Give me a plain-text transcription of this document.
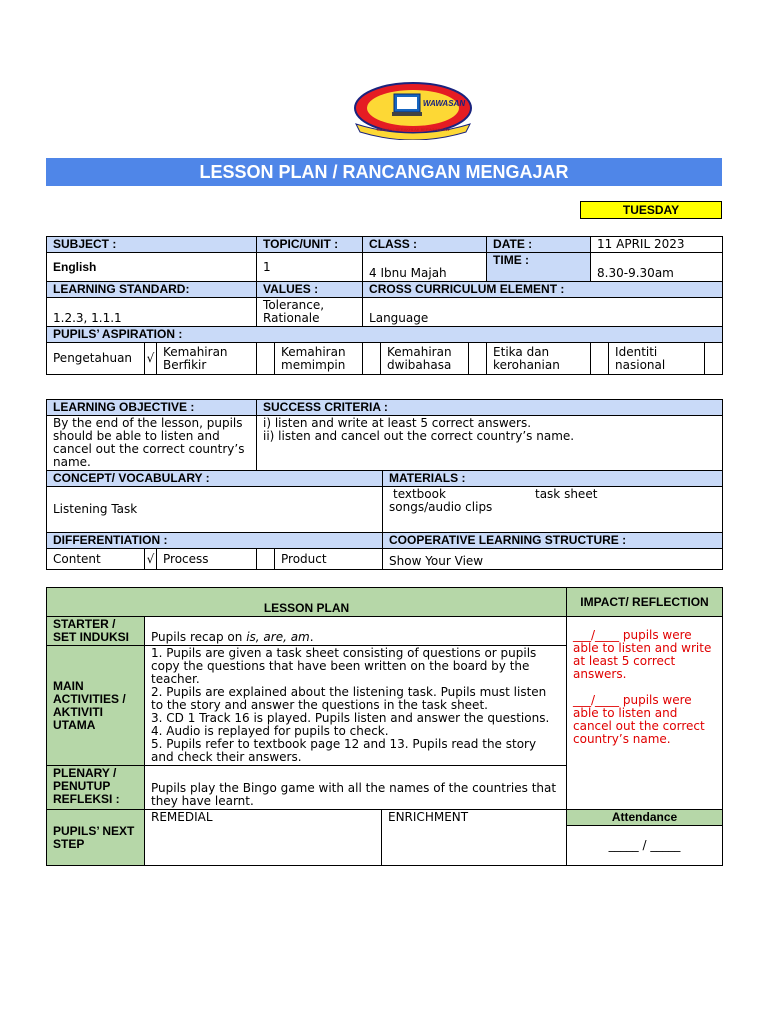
WAWASAN
BERILMU BERAKHLAK BERWAWASAN
LESSON PLAN / RANCANGAN MENGAJAR
TUESDAY
SUBJECT :			TOPIC/UNIT :		CLASS :			DATE :	11 APRIL 2023		
English			1		4 Ibnu Majah			TIME :	8.30-9.30am		
LEARNING STANDARD:			VALUES :		CROSS CURRICULUM ELEMENT :						
1.2.3, 1.1.1			Tolerance, Rationale		Language						
PUPILS’ ASPIRATION :											
Pengetahuan	√	Kemahiran Berfikir		Kemahiran memimpin		Kemahiran dwibahasa		Etika dan kerohanian		Identiti nasional	
LEARNING OBJECTIVE :			SUCCESS CRITERIA :		
By the end of the lesson, pupils should be able to listen and cancel out the correct country’s name.			i) listen and write at least 5 correct answers.
ii) listen and cancel out the correct country’s name.		

CONCEPT/ VOCABULARY :					MATERIALS :
Listening Task					textbook task sheet
songs/audio clips

DIFFERENTIATION :					COOPERATIVE LEARNING STRUCTURE :
Content	√	Process		Product	Show Your View
LESSON PLAN			IMPACT/ REFLECTION
STARTER / SET INDUKSI	Pupils recap on is, are, am.		___/____ pupils were able to listen and write at least 5 correct answers.
___/____ pupils were able to listen and cancel out the correct country’s name.

MAIN ACTIVITIES / AKTIVITI UTAMA	1. Pupils are given a task sheet consisting of questions or pupils copy the questions that have been written on the board by the teacher.
2. Pupils are explained about the listening task. Pupils must listen to the story and answer the questions in the task sheet.
3. CD 1 Track 16 is played. Pupils listen and answer the questions.
4. Audio is replayed for pupils to check.
5. Pupils refer to textbook page 12 and 13. Pupils read the story and check their answers.		

PLENARY / PENUTUP REFLEKSI :	Pupils play the Bingo game with all the names of the countries that they have learnt.		
PUPILS’ NEXT STEP	REMEDIAL	ENRICHMENT	Attendance
			_____ / _____
